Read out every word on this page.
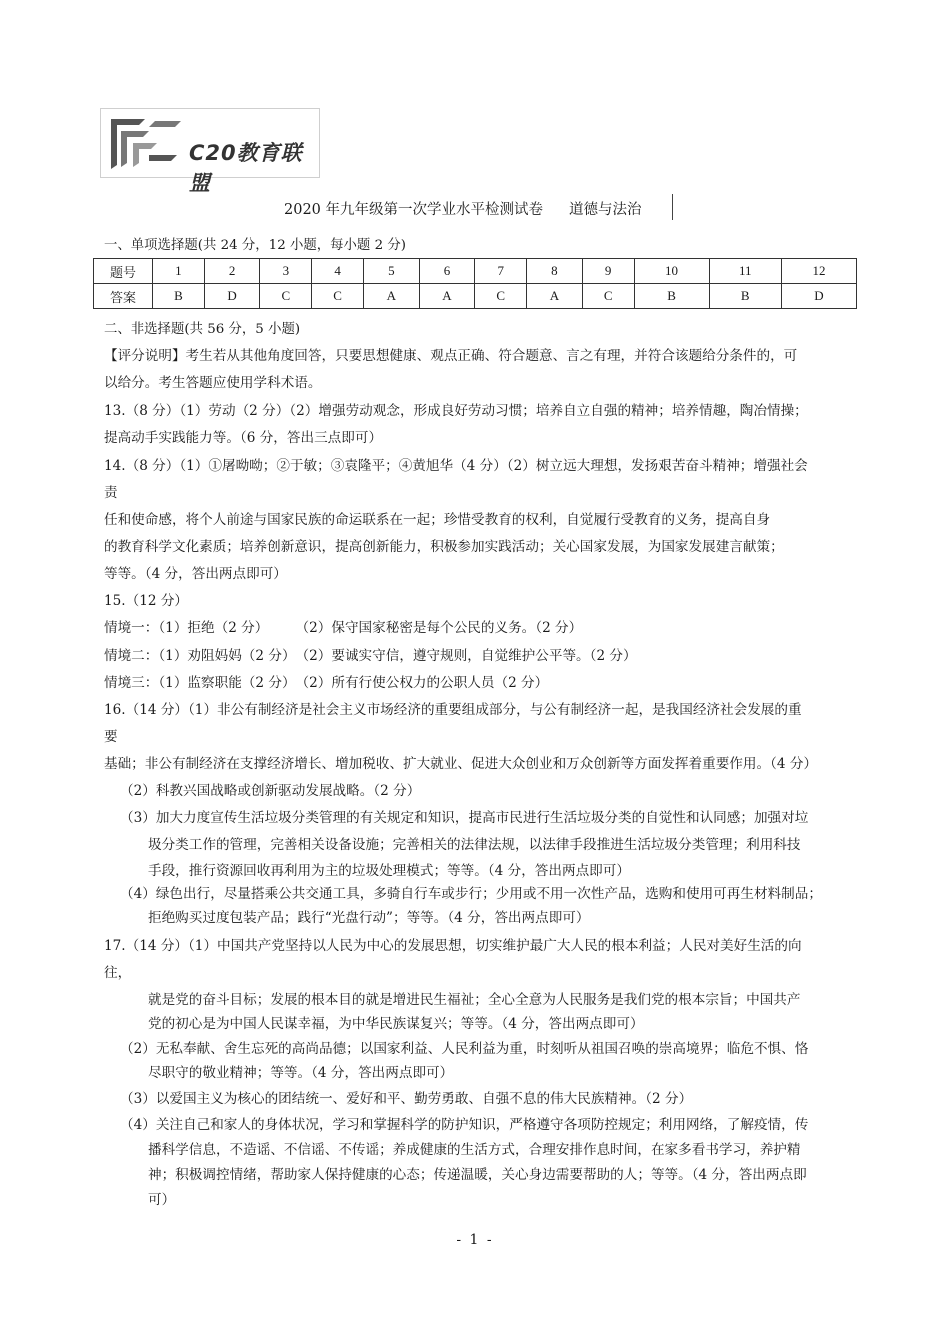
C20教育联盟
2020 年九年级第一次学业水平检测试卷 道德与法治
一、单项选择题(共 24 分，12 小题，每小题 2 分)
题号	1	2	3	4	5	6	7	8	9	10	11	12
答案	B	D	C	C	A	A	C	A	C	B	B	D
二、非选择题(共 56 分，5 小题)
【评分说明】考生若从其他角度回答，只要思想健康、观点正确、符合题意、言之有理，并符合该题给分条件的，可
以给分。考生答题应使用学科术语。
13.（8 分）（1）劳动（2 分）（2）增强劳动观念，形成良好劳动习惯；培养自立自强的精神；培养情趣，陶冶情操；
提高动手实践能力等。（6 分，答出三点即可）
14.（8 分）（1）①屠呦呦；②于敏；③袁隆平；④黄旭华（4 分）（2）树立远大理想，发扬艰苦奋斗精神；增强社会
责
任和使命感，将个人前途与国家民族的命运联系在一起；珍惜受教育的权利，自觉履行受教育的义务，提高自身
的教育科学文化素质；培养创新意识，提高创新能力，积极参加实践活动；关心国家发展，为国家发展建言献策；
等等。（4 分，答出两点即可）
15.（12 分）
情境一：（1）拒绝（2 分）　　　（2）保守国家秘密是每个公民的义务。（2 分）
情境二：（1）劝阻妈妈（2 分）　（2）要诚实守信，遵守规则，自觉维护公平等。（2 分）
情境三：（1）监察职能（2 分）　（2）所有行使公权力的公职人员（2 分）
16.（14 分）（1）非公有制经济是社会主义市场经济的重要组成部分，与公有制经济一起，是我国经济社会发展的重
要
基础；非公有制经济在支撑经济增长、增加税收、扩大就业、促进大众创业和万众创新等方面发挥着重要作用。（4 分）
（2）科教兴国战略或创新驱动发展战略。（2 分）
（3）加大力度宣传生活垃圾分类管理的有关规定和知识，提高市民进行生活垃圾分类的自觉性和认同感；加强对垃
圾分类工作的管理，完善相关设备设施；完善相关的法律法规，以法律手段推进生活垃圾分类管理；利用科技
手段，推行资源回收再利用为主的垃圾处理模式；等等。（4 分，答出两点即可）
（4）绿色出行，尽量搭乘公共交通工具，多骑自行车或步行；少用或不用一次性产品，选购和使用可再生材料制品；
拒绝购买过度包装产品；践行“光盘行动”；等等。（4 分，答出两点即可）
17.（14 分）（1）中国共产党坚持以人民为中心的发展思想，切实维护最广大人民的根本利益；人民对美好生活的向
往，
就是党的奋斗目标；发展的根本目的就是增进民生福祉；全心全意为人民服务是我们党的根本宗旨；中国共产
党的初心是为中国人民谋幸福，为中华民族谋复兴；等等。（4 分，答出两点即可）
（2）无私奉献、舍生忘死的高尚品德；以国家利益、人民利益为重，时刻听从祖国召唤的崇高境界；临危不惧、恪
尽职守的敬业精神；等等。（4 分，答出两点即可）
（3）以爱国主义为核心的团结统一、爱好和平、勤劳勇敢、自强不息的伟大民族精神。（2 分）
（4）关注自己和家人的身体状况，学习和掌握科学的防护知识，严格遵守各项防控规定；利用网络，了解疫情，传
播科学信息，不造谣、不信谣、不传谣；养成健康的生活方式，合理安排作息时间，在家多看书学习，养护精
神；积极调控情绪，帮助家人保持健康的心态；传递温暖，关心身边需要帮助的人；等等。（4 分，答出两点即
可）
- 1 -
